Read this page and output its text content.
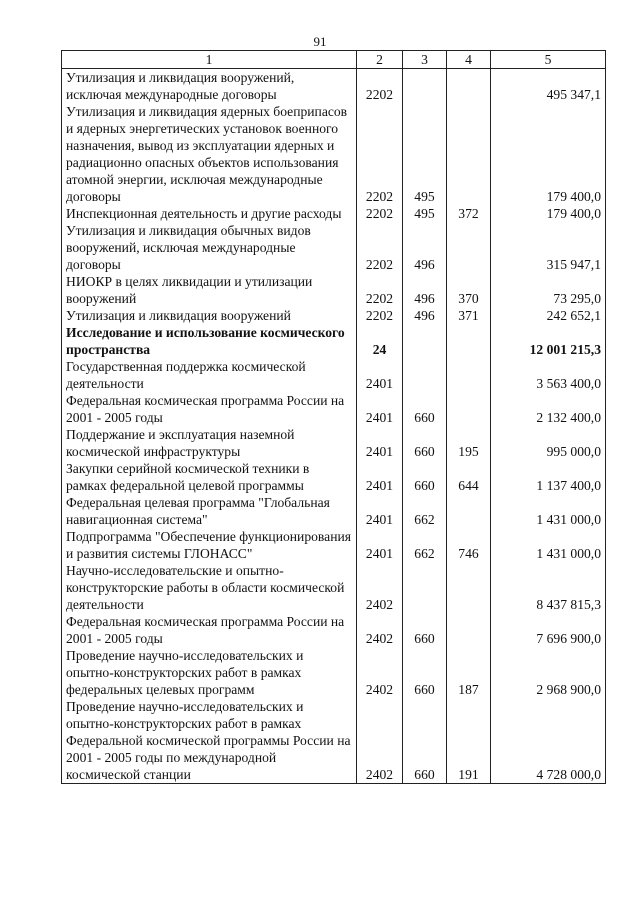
91
1	2	3	4	5
Утилизация и ликвидация вооружений, исключая международные договоры	2202			495 347,1
Утилизация и ликвидация ядерных боеприпасов и ядерных энергетических установок военного назначения, вывод из эксплуатации ядерных и радиационно опасных объектов использования атомной энергии, исключая международные договоры	2202	495		179 400,0
Инспекционная деятельность и другие расходы	2202	495	372	179 400,0
Утилизация и ликвидация обычных видов вооружений, исключая международные договоры	2202	496		315 947,1
НИОКР в целях ликвидации и утилизации вооружений	2202	496	370	73 295,0
Утилизация и ликвидация вооружений	2202	496	371	242 652,1
Исследование и использование космического пространства	24			12 001 215,3
Государственная поддержка космической деятельности	2401			3 563 400,0
Федеральная космическая программа России на 2001 - 2005 годы	2401	660		2 132 400,0
Поддержание и эксплуатация наземной космической инфраструктуры	2401	660	195	995 000,0
Закупки серийной космической техники в рамках федеральной целевой программы	2401	660	644	1 137 400,0
Федеральная целевая программа "Глобальная навигационная система"	2401	662		1 431 000,0
Подпрограмма "Обеспечение функционирования и развития системы ГЛОНАСС"	2401	662	746	1 431 000,0
Научно-исследовательские и опытно-конструкторские работы в области космической деятельности	2402			8 437 815,3
Федеральная космическая программа России на 2001 - 2005 годы	2402	660		7 696 900,0
Проведение научно-исследовательских и опытно-конструкторских работ в рамках федеральных целевых программ	2402	660	187	2 968 900,0
Проведение научно-исследовательских и опытно-конструкторских работ в рамках Федеральной космической программы России на 2001 - 2005 годы по международной космической станции	2402	660	191	4 728 000,0
